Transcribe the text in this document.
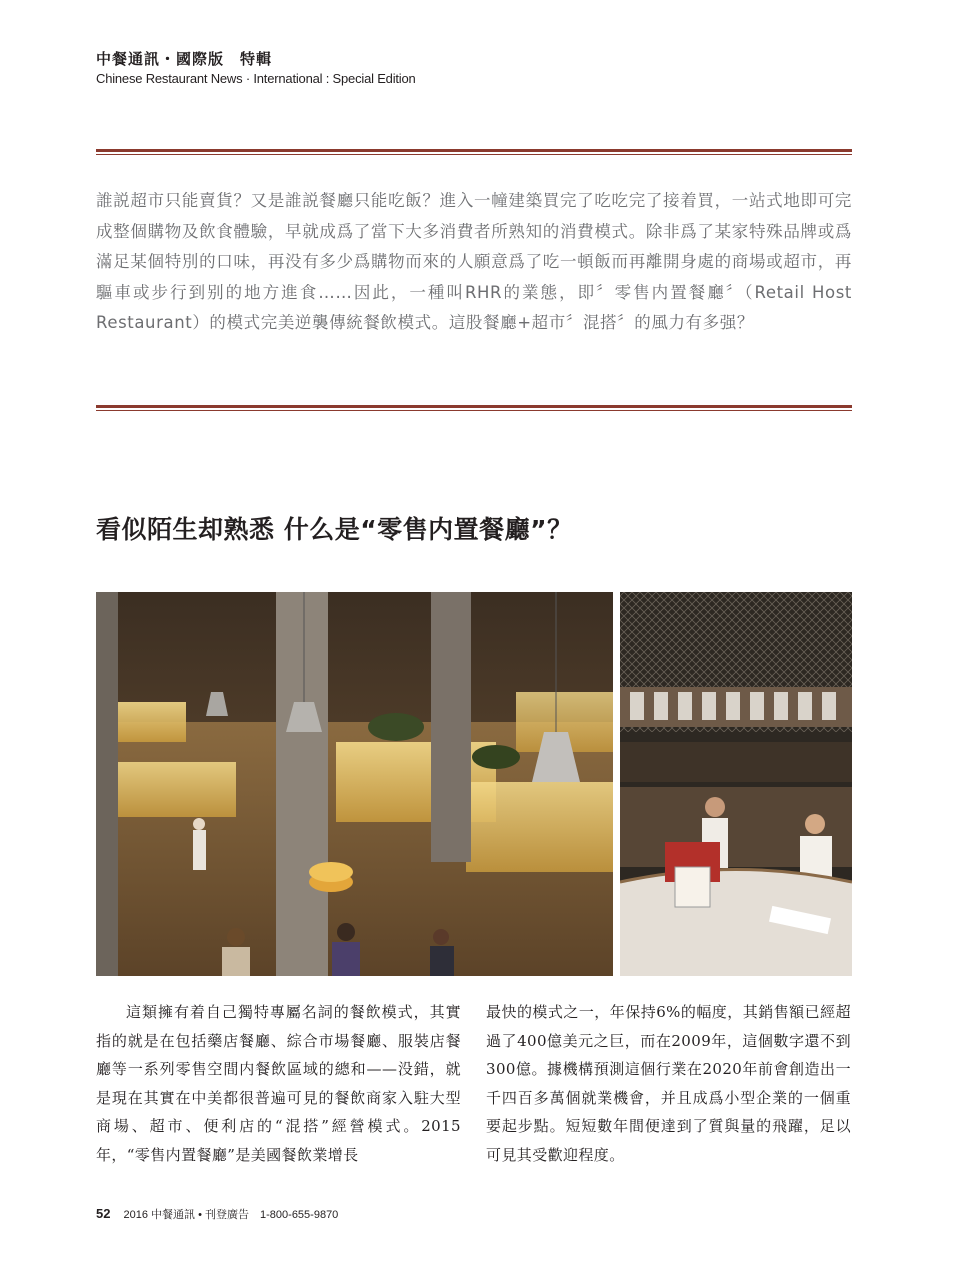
中餐通訊・國際版　特輯
Chinese Restaurant News · International : Special Edition
誰説超市只能賣貨？又是誰説餐廳只能吃飯？進入一幢建築買完了吃吃完了接着買，一站式地即可完成整個購物及飲食體驗，早就成爲了當下大多消費者所熟知的消費模式。除非爲了某家特殊品牌或爲滿足某個特別的口味，再没有多少爲購物而來的人願意爲了吃一頓飯而再離開身處的商場或超市，再驅車或步行到别的地方進食……因此，一種叫RHR的業態，即〞零售内置餐廳〞（Retail Host Restaurant）的模式完美逆襲傳統餐飲模式。這股餐廳+超市〞混搭〞的風力有多强？
看似陌生却熟悉 什么是“零售内置餐廳”？
這類擁有着自己獨特專屬名詞的餐飲模式，其實指的就是在包括藥店餐廳、綜合市場餐廳、服裝店餐廳等一系列零售空間内餐飲區域的總和——没錯，就是現在其實在中美都很普遍可見的餐飲商家入駐大型商場、超市、便利店的“混搭”經營模式。2015年，“零售内置餐廳”是美國餐飲業增長
最快的模式之一，年保持6%的幅度，其銷售額已經超過了400億美元之巨，而在2009年，這個數字還不到300億。據機構預測這個行業在2020年前會創造出一千四百多萬個就業機會，并且成爲小型企業的一個重要起步點。短短數年間便達到了質與量的飛躍，足以可見其受歡迎程度。
52 2016 中餐通訊 • 刊登廣告　1-800-655-9870
